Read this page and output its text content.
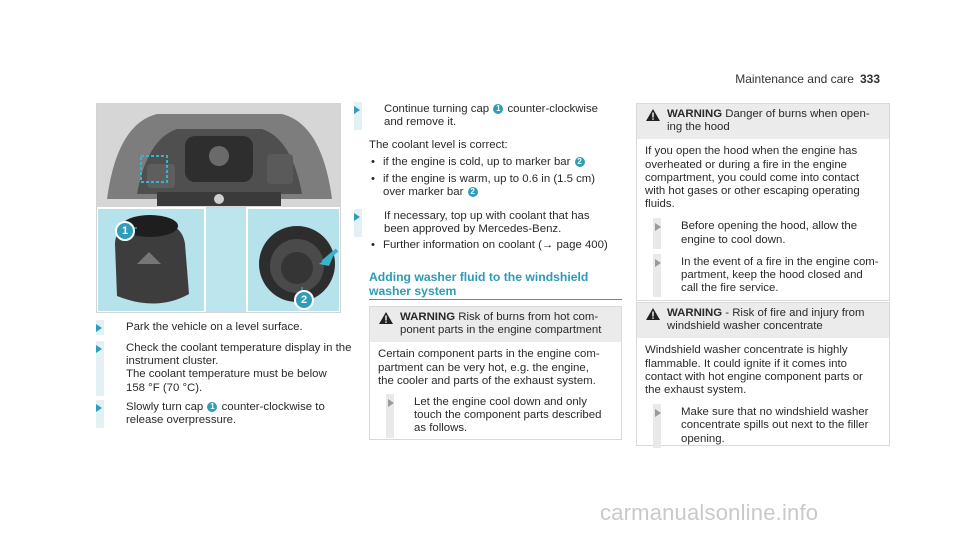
Maintenance and care 333
1
2
Park the vehicle on a level surface.
Check the coolant temperature display in the
instrument cluster.
The coolant temperature must be below
158 °F (70 °C).
Slowly turn cap 1 counter-clockwise to
release overpressure.
Continue turning cap 1 counter-clockwise
and remove it.
The coolant level is correct:
• if the engine is cold, up to marker bar 2
• if the engine is warm, up to 0.6 in (1.5 cm)
over marker bar 2
If necessary, top up with coolant that has
been approved by Mercedes-Benz.
• Further information on coolant (→ page 400)
Adding washer fluid to the windshield
washer system
WARNING Risk of burns from hot com-
ponent parts in the engine compartment
Certain component parts in the engine com-
partment can be very hot, e.g. the engine,
the cooler and parts of the exhaust system.
Let the engine cool down and only
touch the component parts described
as follows.
WARNING Danger of burns when open-
ing the hood
If you open the hood when the engine has
overheated or during a fire in the engine
compartment, you could come into contact
with hot gases or other escaping operating
fluids.
Before opening the hood, allow the
engine to cool down.
In the event of a fire in the engine com-
partment, keep the hood closed and
call the fire service.
WARNING - Risk of fire and injury from
windshield washer concentrate
Windshield washer concentrate is highly
flammable. It could ignite if it comes into
contact with hot engine component parts or
the exhaust system.
Make sure that no windshield washer
concentrate spills out next to the filler
opening.
carmanualsonline.info
